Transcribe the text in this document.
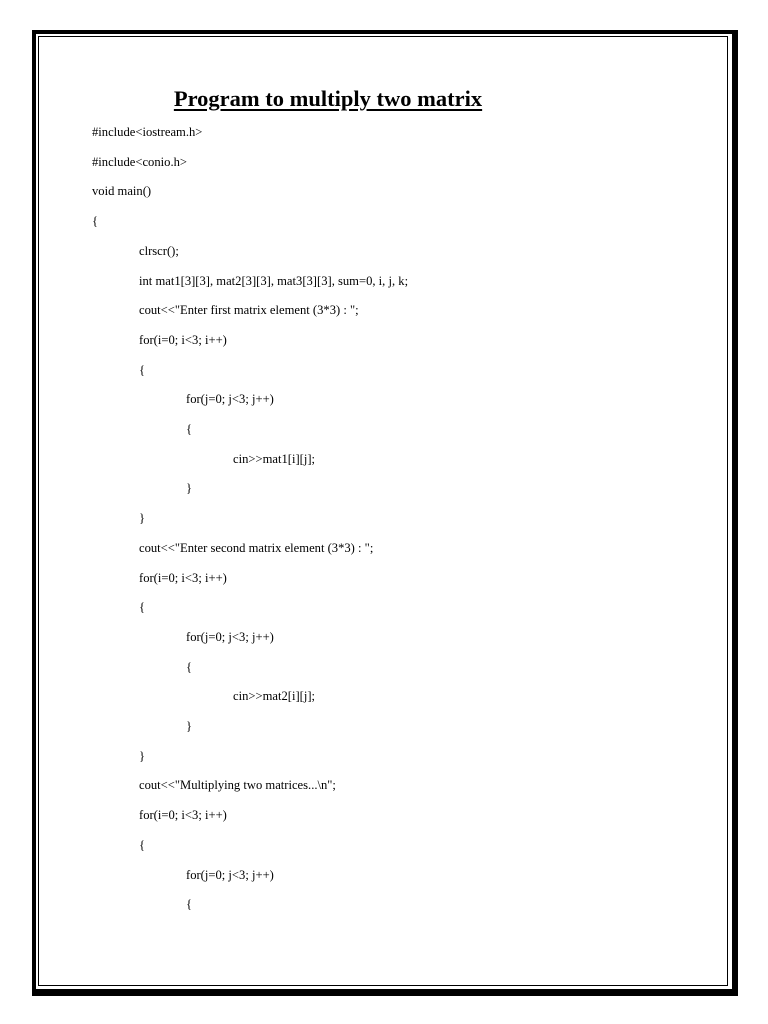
Program to multiply two matrix
#include<iostream.h>
#include<conio.h>
void main()
{
clrscr();
int mat1[3][3], mat2[3][3], mat3[3][3], sum=0, i, j, k;
cout<<"Enter first matrix element (3*3) : ";
for(i=0; i<3; i++)
{
for(j=0; j<3; j++)
{
cin>>mat1[i][j];
}
}
cout<<"Enter second matrix element (3*3) : ";
for(i=0; i<3; i++)
{
for(j=0; j<3; j++)
{
cin>>mat2[i][j];
}
}
cout<<"Multiplying two matrices...\n";
for(i=0; i<3; i++)
{
for(j=0; j<3; j++)
{
